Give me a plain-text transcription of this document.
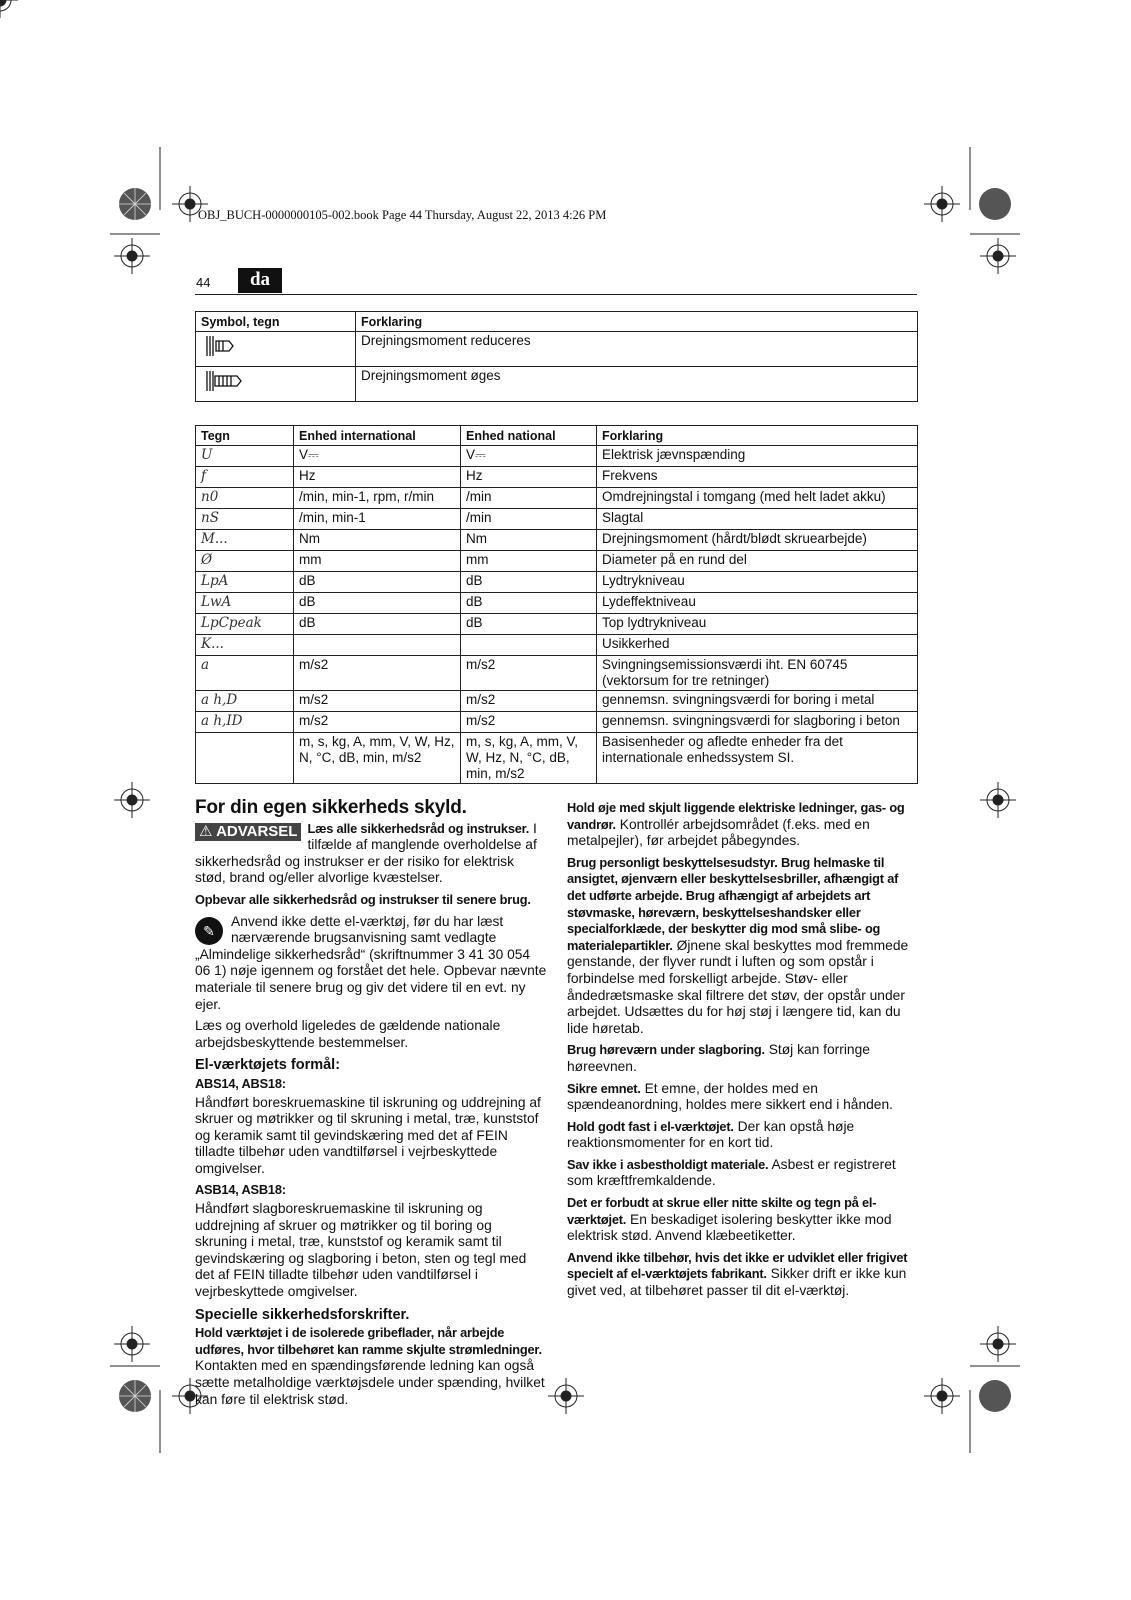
OBJ_BUCH-0000000105-002.book Page 44 Thursday, August 22, 2013 4:26 PM
44	da
Symbol, tegn	Forklaring
	Drejningsmoment reduceres
	Drejningsmoment øges
Tegn	Enhed international	Enhed national	Forklaring
U	V⎓	V⎓	Elektrisk jævnspænding
f	Hz	Hz	Frekvens
n0	/min, min-1, rpm, r/min	/min	Omdrejningstal i tomgang (med helt ladet akku)
nS	/min, min-1	/min	Slagtal
M...	Nm	Nm	Drejningsmoment (hårdt/blødt skruearbejde)
Ø	mm	mm	Diameter på en rund del
LpA	dB	dB	Lydtrykniveau
LwA	dB	dB	Lydeffektniveau
LpCpeak	dB	dB	Top lydtrykniveau
K...			Usikkerhed
a	m/s2	m/s2	Svingningsemissionsværdi iht. EN 60745 (vektorsum for tre retninger)
a h,D	m/s2	m/s2	gennemsn. svingningsværdi for boring i metal
a h,ID	m/s2	m/s2	gennemsn. svingningsværdi for slagboring i beton
	m, s, kg, A, mm, V, W, Hz, N, °C, dB, min, m/s2	m, s, kg, A, mm, V, W, Hz, N, °C, dB, min, m/s2	Basisenheder og afledte enheder fra det internationale enhedssystem SI.
For din egen sikkerheds skyld.

⚠ ADVARSEL Læs alle sikkerhedsråd og instrukser. I tilfælde af manglende overholdelse af sikkerhedsråd og instrukser er der risiko for elektrisk stød, brand og/eller alvorlige kvæstelser.

Opbevar alle sikkerhedsråd og instrukser til senere brug.

✎
Anvend ikke dette el-værktøj, før du har læst nærværende brugsanvisning samt vedlagte „Almindelige sikkerhedsråd“ (skriftnummer 3 41 30 054 06 1) nøje igennem og forstået det hele. Opbevar nævnte materiale til senere brug og giv det videre til en evt. ny ejer.

Læs og overhold ligeledes de gældende nationale arbejdsbeskyttende bestemmelser.

El-værktøjets formål:

ABS14, ABS18:

Håndført boreskruemaskine til iskruning og uddrejning af skruer og møtrikker og til skruning i metal, træ, kunststof og keramik samt til gevindskæring med det af FEIN tilladte tilbehør uden vandtilførsel i vejrbeskyttede omgivelser.

ASB14, ASB18:

Håndført slagboreskruemaskine til iskruning og uddrejning af skruer og møtrikker og til boring og skruning i metal, træ, kunststof og keramik samt til gevindskæring og slagboring i beton, sten og tegl med det af FEIN tilladte tilbehør uden vandtilførsel i vejrbeskyttede omgivelser.

Specielle sikkerhedsforskrifter.

Hold værktøjet i de isolerede gribeflader, når arbejde udføres, hvor tilbehøret kan ramme skjulte strømledninger. Kontakten med en spændingsførende ledning kan også sætte metalholdige værktøjsdele under spænding, hvilket kan føre til elektrisk stød.

Hold øje med skjult liggende elektriske ledninger, gas- og vandrør. Kontrollér arbejdsområdet (f.eks. med en metalpejler), før arbejdet påbegyndes.

Brug personligt beskyttelsesudstyr. Brug helmaske til ansigtet, øjenværn eller beskyttelsesbriller, afhængigt af det udførte arbejde. Brug afhængigt af arbejdets art støvmaske, høreværn, beskyttelseshandsker eller specialforklæde, der beskytter dig mod små slibe- og materialepartikler. Øjnene skal beskyttes mod fremmede genstande, der flyver rundt i luften og som opstår i forbindelse med forskelligt arbejde. Støv- eller åndedrætsmaske skal filtrere det støv, der opstår under arbejdet. Udsættes du for høj støj i længere tid, kan du lide høretab.

Brug høreværn under slagboring. Støj kan forringe høreevnen.

Sikre emnet. Et emne, der holdes med en spændeanordning, holdes mere sikkert end i hånden.

Hold godt fast i el-værktøjet. Der kan opstå høje reaktionsmomenter for en kort tid.

Sav ikke i asbestholdigt materiale. Asbest er registreret som kræftfremkaldende.

Det er forbudt at skrue eller nitte skilte og tegn på el-værktøjet. En beskadiget isolering beskytter ikke mod elektrisk stød. Anvend klæbeetiketter.

Anvend ikke tilbehør, hvis det ikke er udviklet eller frigivet specielt af el-værktøjets fabrikant. Sikker drift er ikke kun givet ved, at tilbehøret passer til dit el-værktøj.
